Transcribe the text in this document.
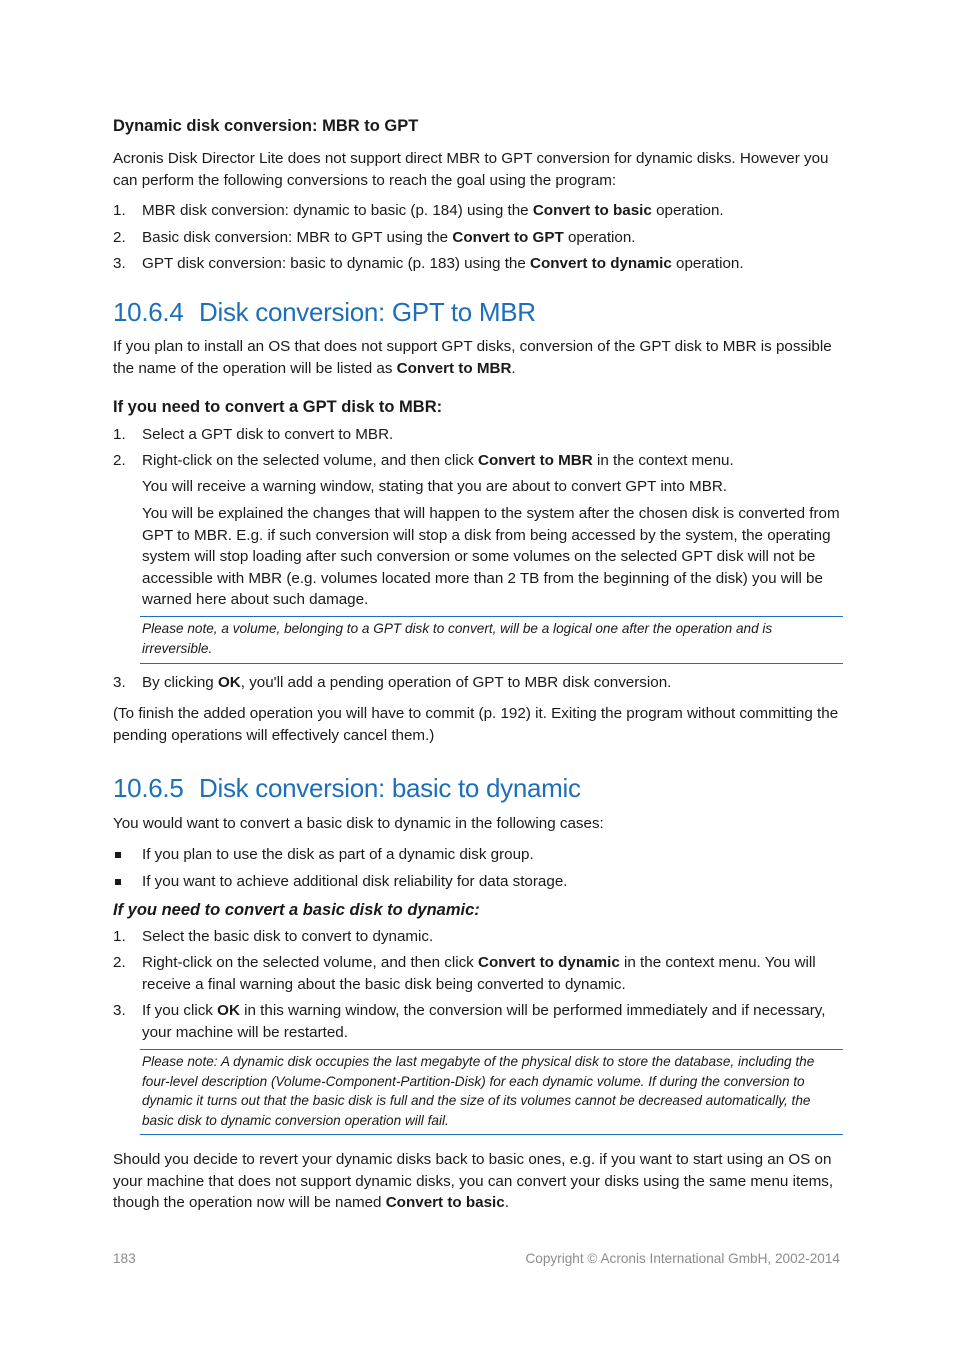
Dynamic disk conversion: MBR to GPT

Acronis Disk Director Lite does not support direct MBR to GPT conversion for dynamic disks. However you can perform the following conversions to reach the goal using the program:

1. MBR disk conversion: dynamic to basic (p. 184) using the Convert to basic operation.
2. Basic disk conversion: MBR to GPT using the Convert to GPT operation.
3. GPT disk conversion: basic to dynamic (p. 183) using the Convert to dynamic operation.

10.6.4 Disk conversion: GPT to MBR

If you plan to install an OS that does not support GPT disks, conversion of the GPT disk to MBR is possible the name of the operation will be listed as Convert to MBR.

If you need to convert a GPT disk to MBR:

1. Select a GPT disk to convert to MBR.
2. Right-click on the selected volume, and then click Convert to MBR in the context menu.

You will receive a warning window, stating that you are about to convert GPT into MBR.

You will be explained the changes that will happen to the system after the chosen disk is converted from GPT to MBR. E.g. if such conversion will stop a disk from being accessed by the system, the operating system will stop loading after such conversion or some volumes on the selected GPT disk will not be accessible with MBR (e.g. volumes located more than 2 TB from the beginning of the disk) you will be warned here about such damage.

Please note, a volume, belonging to a GPT disk to convert, will be a logical one after the operation and is irreversible.
3. By clicking OK, you'll add a pending operation of GPT to MBR disk conversion.

(To finish the added operation you will have to commit (p. 192) it. Exiting the program without committing the pending operations will effectively cancel them.)

10.6.5 Disk conversion: basic to dynamic

You would want to convert a basic disk to dynamic in the following cases:

If you plan to use the disk as part of a dynamic disk group.
If you want to achieve additional disk reliability for data storage.

If you need to convert a basic disk to dynamic:

1. Select the basic disk to convert to dynamic.
2. Right-click on the selected volume, and then click Convert to dynamic in the context menu. You will receive a final warning about the basic disk being converted to dynamic.
3. If you click OK in this warning window, the conversion will be performed immediately and if necessary, your machine will be restarted.
Please note: A dynamic disk occupies the last megabyte of the physical disk to store the database, including the four-level description (Volume-Component-Partition-Disk) for each dynamic volume. If during the conversion to dynamic it turns out that the basic disk is full and the size of its volumes cannot be decreased automatically, the basic disk to dynamic conversion operation will fail.

Should you decide to revert your dynamic disks back to basic ones, e.g. if you want to start using an OS on your machine that does not support dynamic disks, you can convert your disks using the same menu items, though the operation now will be named Convert to basic.

183	Copyright © Acronis International GmbH, 2002-2014
